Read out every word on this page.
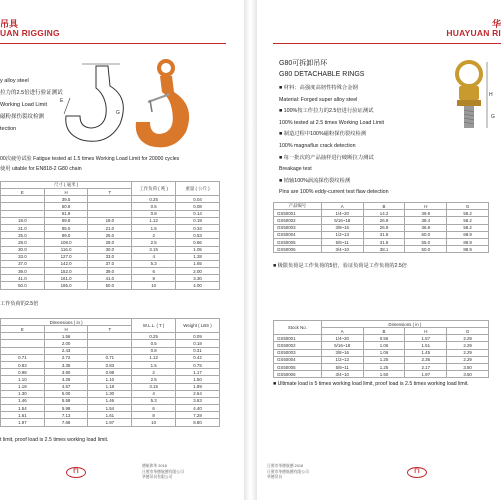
吊具
UAN RIGGING
E
G
y alloy steel
拉力的2.5倍进行验证测试
Working Load Limit
磁粉探伤裂纹检测
tection
00次疲劳试验 Fatigue tested at 1.5 times Working Load Limit for 20000 cycles
使用 uitable for EN818-2 G80 chain
尺寸 ( 毫米 )			工作负荷 ( 吨 )	重量 ( 公斤 )
E	H	T		
	39.5		0.25	0.04
	50.8		0.5	0.08
	61.8		0.8	0.14
18.0	69.8	18.0	1.12	0.19
21.0	85.0	21.0	1.5	0.34
25.0	99.0	25.0	2	0.53
28.0	108.0	28.0	2.5	0.86
30.0	116.0	30.0	3.15	1.05
33.0	127.0	33.0	4	1.28
37.0	142.0	37.0	5.3	1.65
39.0	152.0	39.0	6	2.00
41.0	161.0	41.0	8	3.30
50.0	195.0	50.0	10	4.00
工作负荷的2.5倍
Dimensions ( in )			W.L.L. ( T )	Weight ( LBS )
E	H	T		
	1.56		0.25	0.09
	2.00		0.5	0.18
	2.43		0.8	0.31
0.71	2.72	0.71	1.12	0.42
0.83	3.35	0.83	1.5	0.75
0.98	3.90	0.98	2	1.17
1.10	4.25	1.10	2.5	1.50
1.18	4.57	1.18	3.15	1.89
1.30	5.00	1.30	4	2.64
1.46	5.59	1.46	5.3	3.63
1.54	5.98	1.54	6	4.40
1.61	7.13	1.61	8	7.28
1.97	7.68	1.97	10	8.80
t limit, proof load is 2.5 times working load limit.
ΓⅠ
德航和华 2018
日照市华德航德有限公司
华德吊具有限公司
华
HUAYUAN RI
G80可拆卸吊环
G80 DETACHABLE RINGS
■ 材料：高强度高韧性特殊合金钢
Material: Forged super alloy steel
■ 100%按工作拉力的2.5倍进行验证测试
100% tested at 2.5 times Working Load Limit
■ 制造过程中100%磁粉探伤裂纹检测
100% magnaflux crack detection
■ 每一批次的产品抽样进行破断拉力测试
Breakage test
■ 销轴100%涡流探伤裂纹检测
Pins are 100% eddy-current test flaw detection
H
G
产品编号	A	B	H	G
GS50001	1/4~20	14.2	39.9	58.2
GS50002	5/16~18	26.9	38.4	58.2
GS50003	3/8~16	26.9	36.8	58.2
GS50004	1/2~13	31.8	60.0	68.9
GS50005	5/8~11	31.8	55.0	88.9
GS50006	3/4~10	38.1	50.0	88.9
■ 极限负荷是工作负荷的5倍，验证负荷是工作负荷的2.5倍
Stock No.	Dimensions ( in )			
	A	B	H	G
GS50001	1/4~20	0.56	1.57	2.29
GS50002	5/16~18	1.06	1.51	2.29
GS50003	3/8~16	1.06	1.45	2.29
GS50004	1/2~13	1.25	2.36	2.29
GS50005	5/8~11	1.25	2.17	3.50
GS50006	3/4~10	1.50	1.97	3.50
■ Ultimate load is 5 times working load limit, proof load is 2.5 times working load limit.
日照市华德航德 2018
日照市华德航德有限公司
华德吊具
ΓⅠ
